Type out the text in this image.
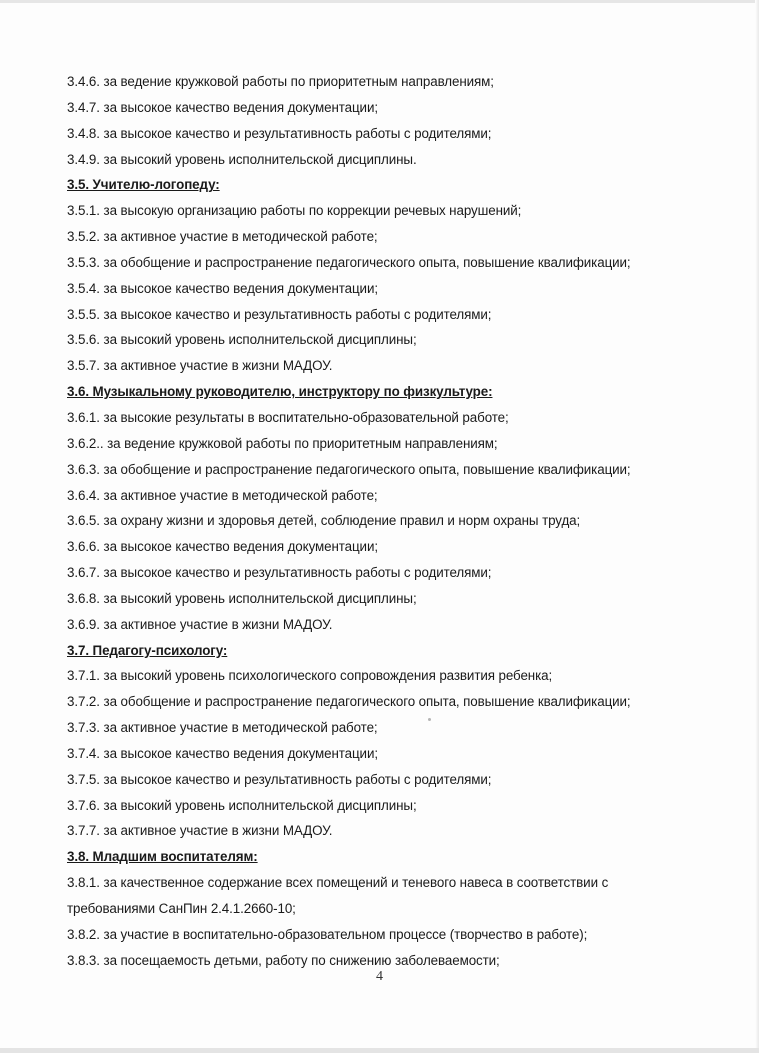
3.4.6. за ведение кружковой работы по приоритетным направлениям;
3.4.7. за высокое качество ведения документации;
3.4.8. за высокое качество и результативность работы с родителями;
3.4.9. за высокий уровень исполнительской дисциплины.
3.5. Учителю-логопеду:
3.5.1. за высокую организацию работы по коррекции речевых нарушений;
3.5.2. за активное участие в методической работе;
3.5.3. за обобщение и распространение педагогического опыта, повышение квалификации;
3.5.4. за высокое качество ведения документации;
3.5.5. за высокое качество и результативность работы с родителями;
3.5.6. за высокий уровень исполнительской дисциплины;
3.5.7. за активное участие в жизни МАДОУ.
3.6. Музыкальному руководителю, инструктору по физкультуре:
3.6.1. за высокие результаты в воспитательно-образовательной работе;
3.6.2.. за ведение кружковой работы по приоритетным направлениям;
3.6.3. за обобщение и распространение педагогического опыта, повышение квалификации;
3.6.4. за активное участие в методической работе;
3.6.5. за охрану жизни и здоровья детей, соблюдение правил и норм охраны труда;
3.6.6. за высокое качество ведения документации;
3.6.7. за высокое качество и результативность работы с родителями;
3.6.8. за высокий уровень исполнительской дисциплины;
3.6.9. за активное участие в жизни МАДОУ.
3.7. Педагогу-психологу:
3.7.1. за высокий уровень психологического сопровождения развития ребенка;
3.7.2. за обобщение и распространение педагогического опыта, повышение квалификации;
3.7.3. за активное участие в методической работе;
3.7.4. за высокое качество ведения документации;
3.7.5. за высокое качество и результативность работы с родителями;
3.7.6. за высокий уровень исполнительской дисциплины;
3.7.7. за активное участие в жизни МАДОУ.
3.8. Младшим воспитателям:
3.8.1. за качественное содержание всех помещений и теневого навеса в соответствии с
требованиями СанПин 2.4.1.2660-10;
3.8.2. за участие в воспитательно-образовательном процессе (творчество в работе);
3.8.3. за посещаемость детьми, работу по снижению заболеваемости;
4
